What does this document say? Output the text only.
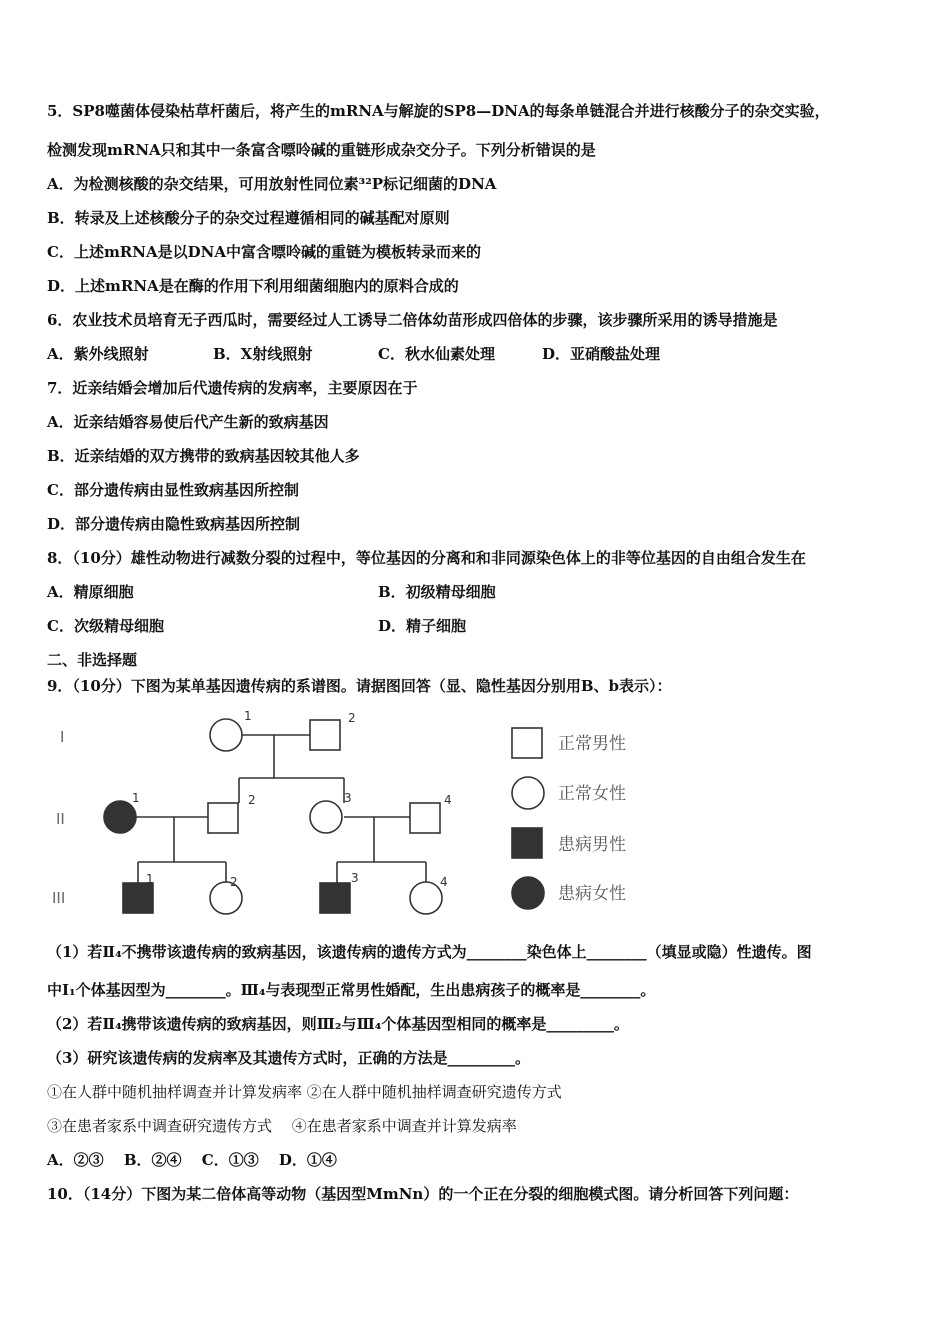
5．SP8噬菌体侵染枯草杆菌后，将产生的mRNA与解旋的SP8—DNA的每条单链混合并进行核酸分子的杂交实验，
检测发现mRNA只和其中一条富含嘌呤碱的重链形成杂交分子。下列分析错误的是
A．为检测核酸的杂交结果，可用放射性同位素³²P标记细菌的DNA
B．转录及上述核酸分子的杂交过程遵循相同的碱基配对原则
C．上述mRNA是以DNA中富含嘌呤碱的重链为模板转录而来的
D．上述mRNA是在酶的作用下利用细菌细胞内的原料合成的
6．农业技术员培育无子西瓜时，需要经过人工诱导二倍体幼苗形成四倍体的步骤，该步骤所采用的诱导措施是
A．紫外线照射	B．X射线照射	C．秋水仙素处理	D．亚硝酸盐处理
7．近亲结婚会增加后代遗传病的发病率，主要原因在于
A．近亲结婚容易使后代产生新的致病基因
B．近亲结婚的双方携带的致病基因较其他人多
C．部分遗传病由显性致病基因所控制
D．部分遗传病由隐性致病基因所控制
8．（10分）雄性动物进行减数分裂的过程中，等位基因的分离和和非同源染色体上的非等位基因的自由组合发生在
A．精原细胞	B．初级精母细胞
C．次级精母细胞	D．精子细胞
二、非选择题
9．（10分）下图为某单基因遗传病的系谱图。请据图回答（显、隐性基因分别用B、b表示）：
I
II
III
1	2
1	2	3	4
1	2	3	4
正常男性
正常女性
患病男性
患病女性
（1）若Ⅱ₄不携带该遗传病的致病基因，该遗传病的遗传方式为________染色体上________（填显或隐）性遗传。图
中Ⅰ₁个体基因型为________。Ⅲ₄与表现型正常男性婚配，生出患病孩子的概率是________。
（2）若Ⅱ₄携带该遗传病的致病基因，则Ⅲ₂与Ⅲ₄个体基因型相同的概率是_________。
（3）研究该遗传病的发病率及其遗传方式时，正确的方法是_________。
①在人群中随机抽样调查并计算发病率 ②在人群中随机抽样调查研究遗传方式
③在患者家系中调查研究遗传方式　 ④在患者家系中调查并计算发病率
A．②③　 B．②④　 C．①③　 D．①④
10．（14分）下图为某二倍体高等动物（基因型MmNn）的一个正在分裂的细胞模式图。请分析回答下列问题：
